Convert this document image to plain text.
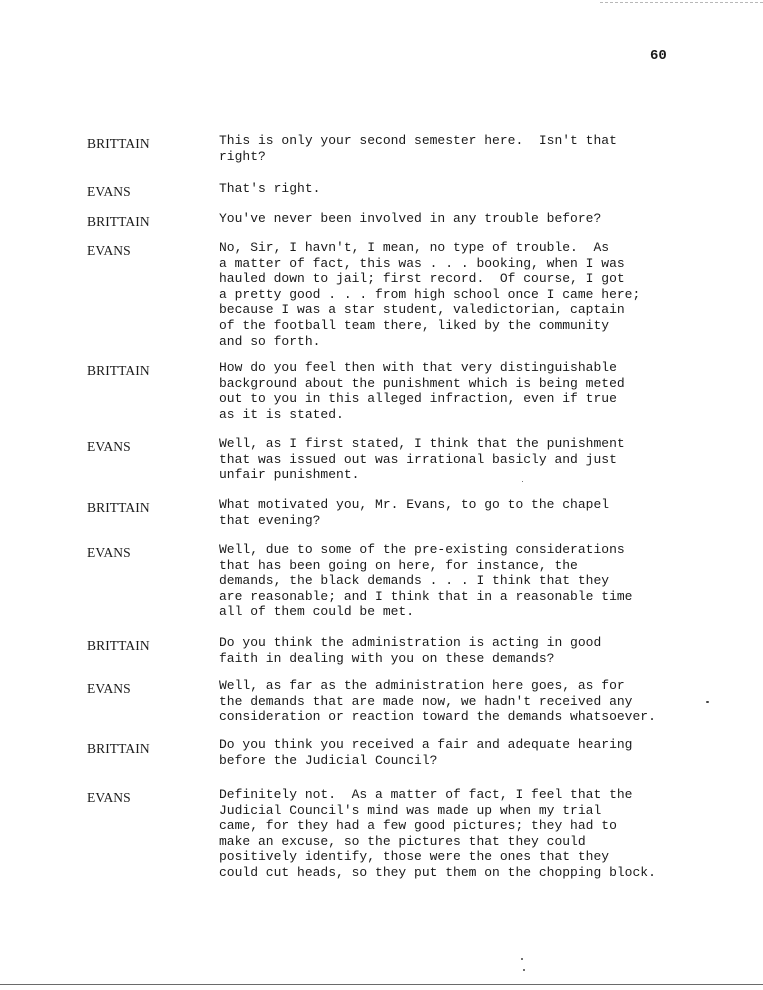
60
BRITTAIN	This is only your second semester here.  Isn't that
right?
EVANS	That's right.
BRITTAIN	You've never been involved in any trouble before?
EVANS	No, Sir, I havn't, I mean, no type of trouble.  As
a matter of fact, this was . . . booking, when I was
hauled down to jail; first record.  Of course, I got
a pretty good . . . from high school once I came here;
because I was a star student, valedictorian, captain
of the football team there, liked by the community
and so forth.
BRITTAIN	How do you feel then with that very distinguishable
background about the punishment which is being meted
out to you in this alleged infraction, even if true
as it is stated.
EVANS	Well, as I first stated, I think that the punishment
that was issued out was irrational basicly and just
unfair punishment.
BRITTAIN	What motivated you, Mr. Evans, to go to the chapel
that evening?
EVANS	Well, due to some of the pre-existing considerations
that has been going on here, for instance, the
demands, the black demands . . . I think that they
are reasonable; and I think that in a reasonable time
all of them could be met.
BRITTAIN	Do you think the administration is acting in good
faith in dealing with you on these demands?
EVANS	Well, as far as the administration here goes, as for
the demands that are made now, we hadn't received any
consideration or reaction toward the demands whatsoever.
BRITTAIN	Do you think you received a fair and adequate hearing
before the Judicial Council?
EVANS	Definitely not.  As a matter of fact, I feel that the
Judicial Council's mind was made up when my trial
came, for they had a few good pictures; they had to
make an excuse, so the pictures that they could
positively identify, those were the ones that they
could cut heads, so they put them on the chopping block.
